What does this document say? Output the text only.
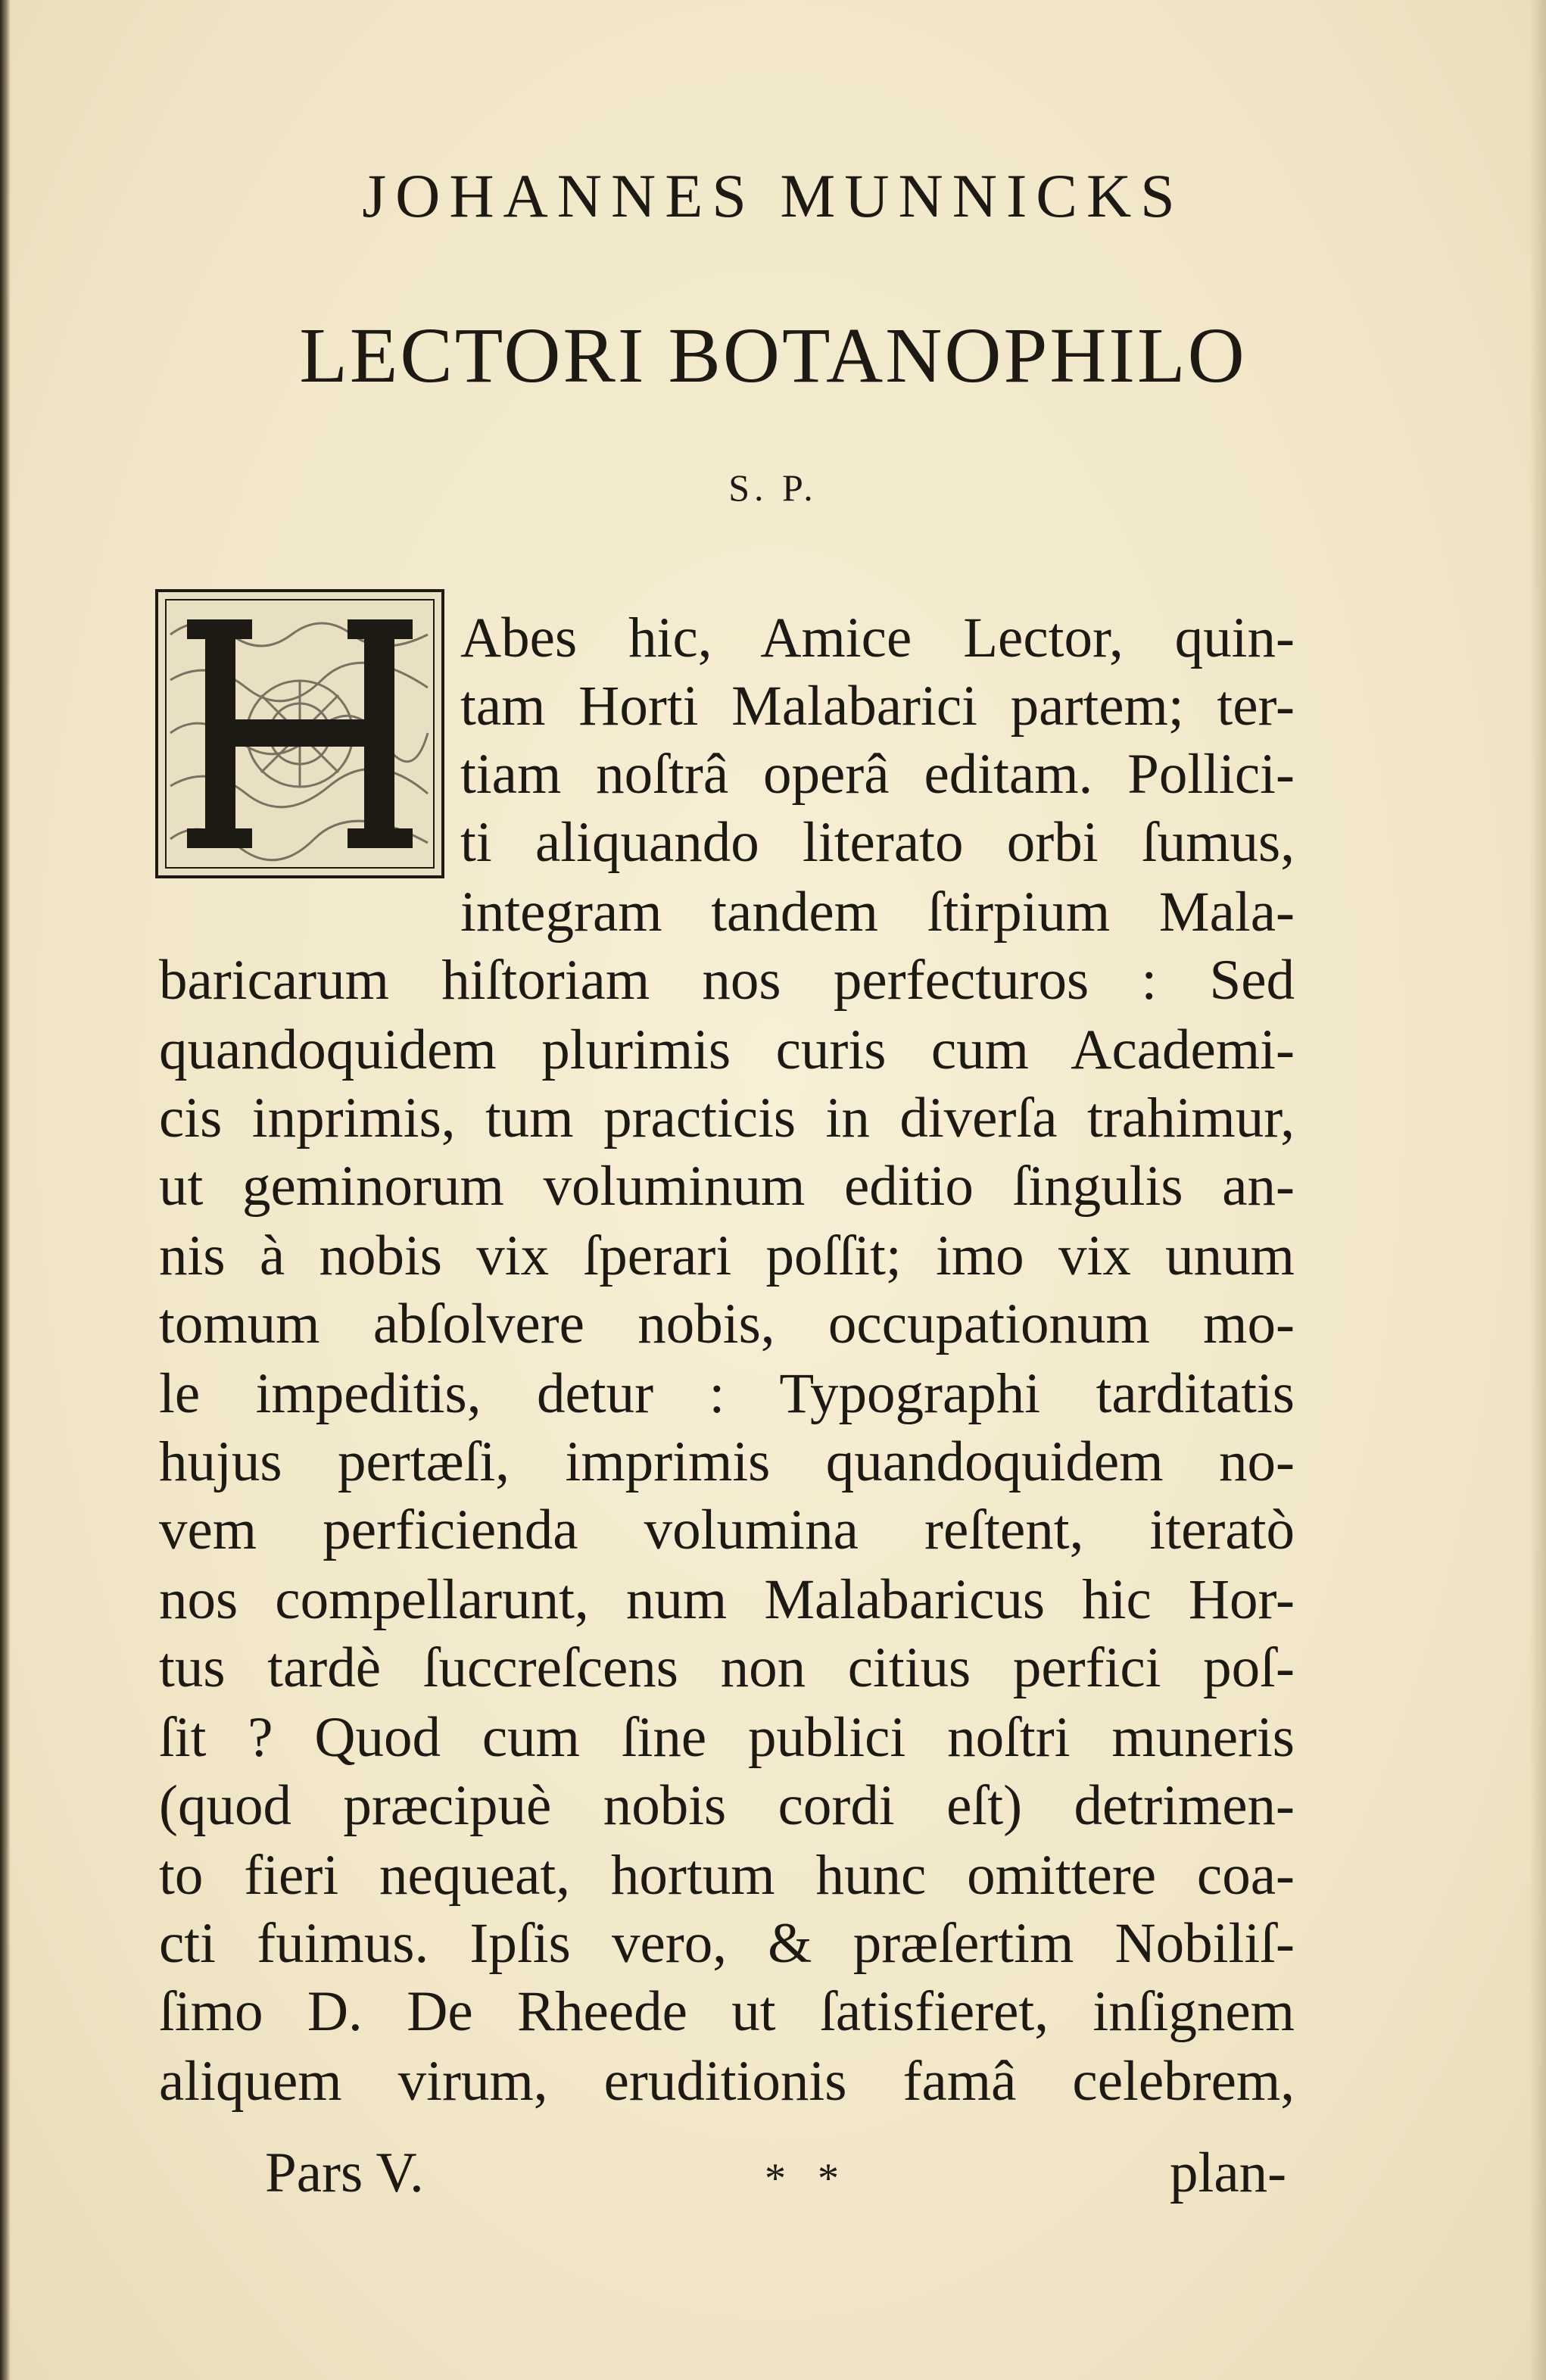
JOHANNES MUNNICKS
LECTORI BOTANOPHILO
S. P.
Abes hic, Amice Lector, quin-
tam Horti Malabarici partem; ter-
tiam noſtrâ operâ editam. Pollici-
ti aliquando literato orbi ſumus,
integram tandem ſtirpium Mala-
baricarum hiſtoriam nos perfecturos : Sed
quandoquidem plurimis curis cum Academi-
cis inprimis, tum practicis in diverſa trahimur,
ut geminorum voluminum editio ſingulis an-
nis à nobis vix ſperari poſſit; imo vix unum
tomum abſolvere nobis, occupationum mo-
le impeditis, detur : Typographi tarditatis
hujus pertæſi, imprimis quandoquidem no-
vem perficienda volumina reſtent, iteratò
nos compellarunt, num Malabaricus hic Hor-
tus tardè ſuccreſcens non citius perfici poſ-
ſit ? Quod cum ſine publici noſtri muneris
(quod præcipuè nobis cordi eſt) detrimen-
to fieri nequeat, hortum hunc omittere coa-
cti fuimus. Ipſis vero, & præſertim Nobiliſ-
ſimo D. De Rheede ut ſatisfieret, inſignem
aliquem virum, eruditionis famâ celebrem,
Pars V.	* *	plan-
